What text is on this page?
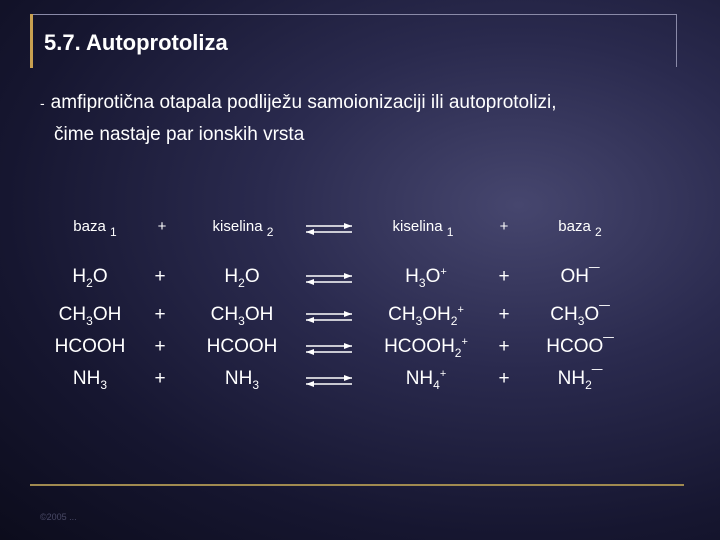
5.7. Autoprotoliza
- amfiprotična otapala podliježu samoionizaciji ili autoprotolizi,
čime nastaje par ionskih vrsta
baza $_1$	+	kiselina $_2$	kiselina $_1$	+	baza $_2$
$H_2O$	+	$H_2O$	$H_3O^+$	+	OH¯
$CH_3OH$	+	$CH_3OH$	$CH_3OH_2^+$	+	$CH_3O¯$
HCOOH	+	HCOOH	$HCOOH_2^+$	+	HCOO¯
$NH_3$	+	$NH_3$	$NH_4^+$	+	$NH_2¯$
©2005 ...
